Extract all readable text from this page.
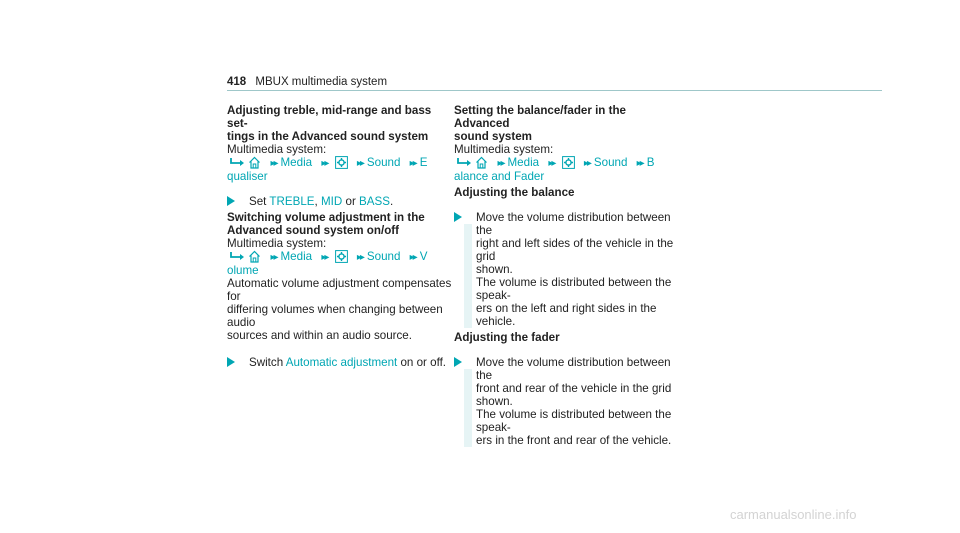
418 MBUX multimedia system

Adjusting treble, mid-range and bass set-
tings in the Advanced sound system

Multimedia system:

▸▸ Media ▸▸	▸▸ Sound ▸▸ E

qualiser

Set TREBLE, MID or BASS.

Switching volume adjustment in the
Advanced sound system on/off

Multimedia system:

▸▸ Media ▸▸	▸▸ Sound ▸▸ V

olume

Automatic volume adjustment compensates for
differing volumes when changing between audio
sources and within an audio source.

Switch Automatic adjustment on or off.

Setting the balance/fader in the Advanced
sound system

Multimedia system:

▸▸ Media ▸▸	▸▸ Sound ▸▸ B

alance and Fader

Adjusting the balance

Move the volume distribution between the
right and left sides of the vehicle in the grid
shown.
The volume is distributed between the speak-
ers on the left and right sides in the vehicle.

Adjusting the fader

Move the volume distribution between the
front and rear of the vehicle in the grid
shown.
The volume is distributed between the speak-
ers in the front and rear of the vehicle.
carmanualsonline.info
